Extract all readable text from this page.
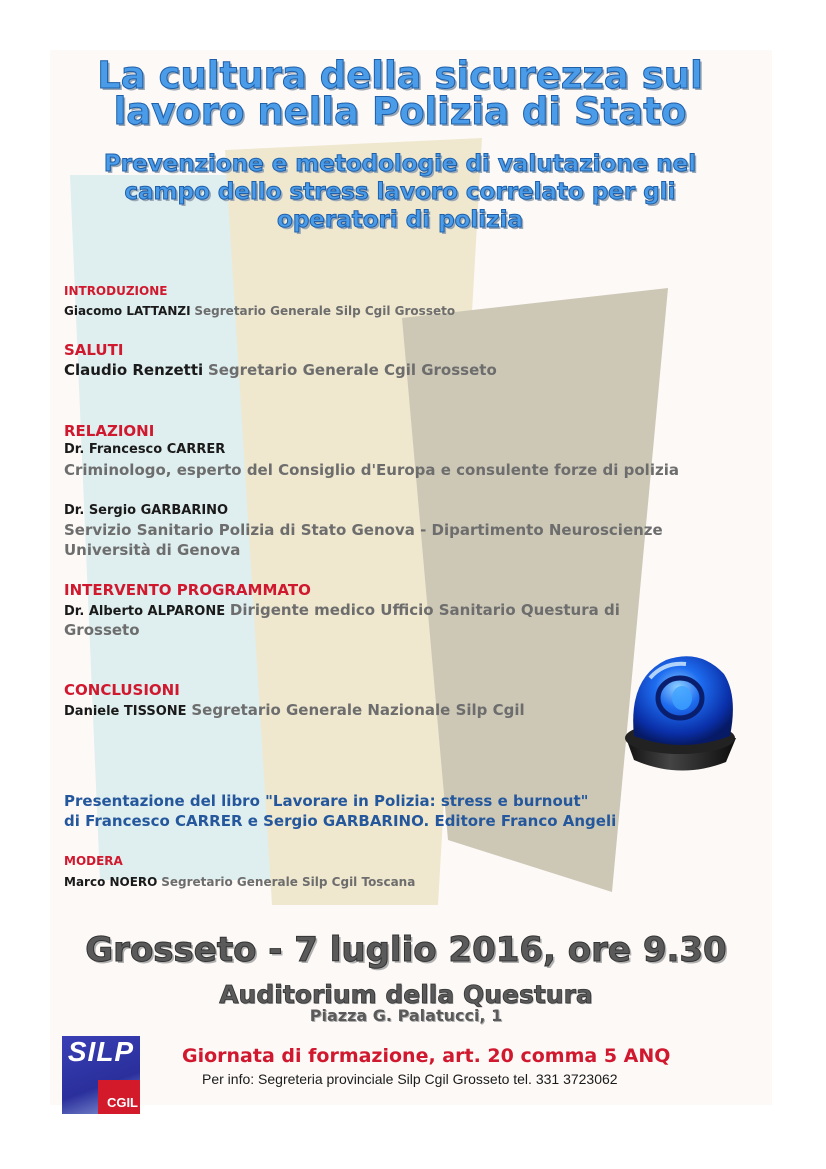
La cultura della sicurezza sul
lavoro nella Polizia di Stato
Prevenzione e metodologie di valutazione nel
campo dello stress lavoro correlato per gli
operatori di polizia
INTRODUZIONE
Giacomo LATTANZI Segretario Generale Silp Cgil Grosseto
SALUTI
Claudio Renzetti Segretario Generale Cgil Grosseto
RELAZIONI
Dr. Francesco CARRER
Criminologo, esperto del Consiglio d'Europa e consulente forze di polizia
Dr. Sergio GARBARINO
Servizio Sanitario Polizia di Stato Genova - Dipartimento Neuroscienze
Università di Genova
INTERVENTO PROGRAMMATO
Dr. Alberto ALPARONE Dirigente medico Ufficio Sanitario Questura di
Grosseto
CONCLUSIONI
Daniele TISSONE Segretario Generale Nazionale Silp Cgil
Presentazione del libro "Lavorare in Polizia: stress e burnout"
di Francesco CARRER e Sergio GARBARINO. Editore Franco Angeli
MODERA
Marco NOERO Segretario Generale Silp Cgil Toscana
Grosseto - 7 luglio 2016, ore 9.30
Auditorium della Questura
Piazza G. Palatucci, 1
SILP
CGIL
Giornata di formazione, art. 20 comma 5 ANQ
Per info: Segreteria provinciale Silp Cgil Grosseto tel. 331 3723062
